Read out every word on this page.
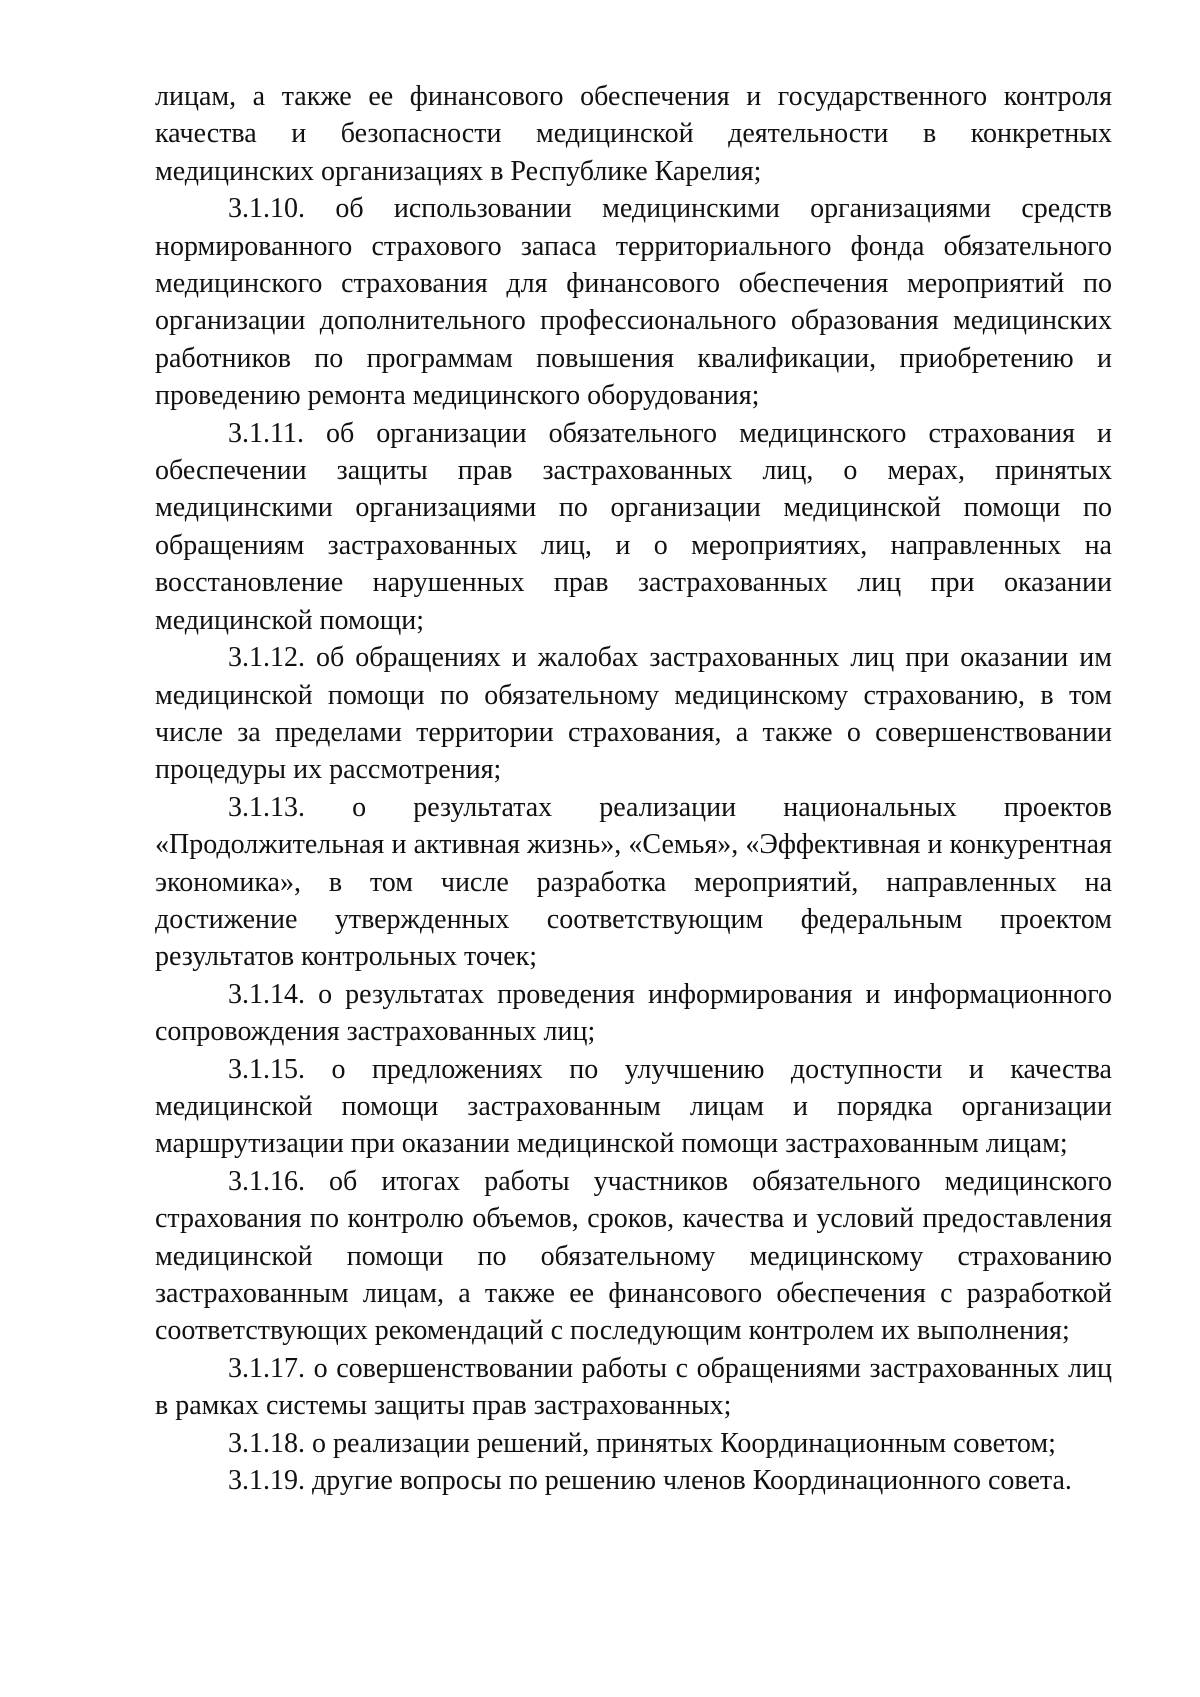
лицам, а также ее финансового обеспечения и государственного контроля качества и безопасности медицинской деятельности в конкретных медицинских организациях в Республике Карелия;

3.1.10. об использовании медицинскими организациями средств нормированного страхового запаса территориального фонда обязательного медицинского страхования для финансового обеспечения мероприятий по организации дополнительного профессионального образования медицинских работников по программам повышения квалификации, приобретению и проведению ремонта медицинского оборудования;

3.1.11. об организации обязательного медицинского страхования и обеспечении защиты прав застрахованных лиц, о мерах, принятых медицинскими организациями по организации медицинской помощи по обращениям застрахованных лиц, и о мероприятиях, направленных на восстановление нарушенных прав застрахованных лиц при оказании медицинской помощи;

3.1.12. об обращениях и жалобах застрахованных лиц при оказании им медицинской помощи по обязательному медицинскому страхованию, в том числе за пределами территории страхования, а также о совершенствовании процедуры их рассмотрения;

3.1.13. о результатах реализации национальных проектов «Продолжительная и активная жизнь», «Семья», «Эффективная и конкурентная экономика», в том числе разработка мероприятий, направленных на достижение утвержденных соответствующим федеральным проектом результатов контрольных точек;

3.1.14. о результатах проведения информирования и информационного сопровождения застрахованных лиц;

3.1.15. о предложениях по улучшению доступности и качества медицинской помощи застрахованным лицам и порядка организации маршрутизации при оказании медицинской помощи застрахованным лицам;

3.1.16. об итогах работы участников обязательного медицинского страхования по контролю объемов, сроков, качества и условий предоставления медицинской помощи по обязательному медицинскому страхованию застрахованным лицам, а также ее финансового обеспечения с разработкой  соответствующих рекомендаций с последующим контролем их выполнения;

3.1.17. о совершенствовании работы с обращениями застрахованных лиц в рамках системы защиты прав застрахованных;

3.1.18. о реализации решений, принятых Координационным советом;

3.1.19. другие вопросы по решению членов Координационного совета.
